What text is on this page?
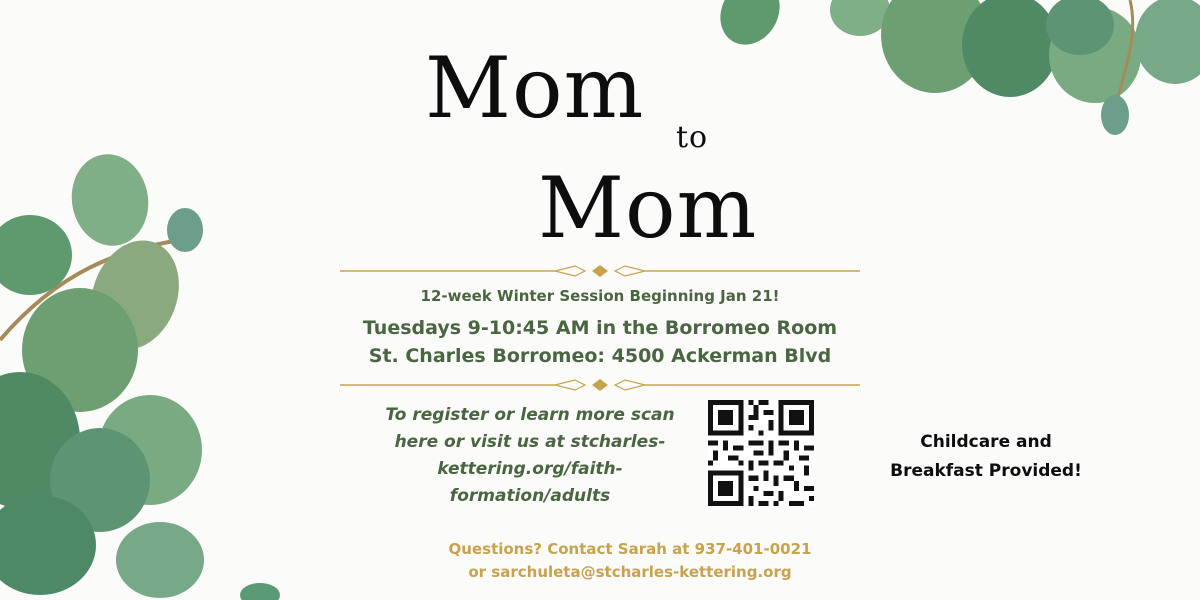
Mom
to
Mom
12-week Winter Session Beginning Jan 21!
Tuesdays 9-10:45 AM in the Borromeo Room
St. Charles Borromeo: 4500 Ackerman Blvd
To register or learn more scan
here or visit us at stcharles-
kettering.org/faith-
formation/adults
Childcare and
Breakfast Provided!
Questions? Contact Sarah at 937-401-0021
or sarchuleta@stcharles-kettering.org
